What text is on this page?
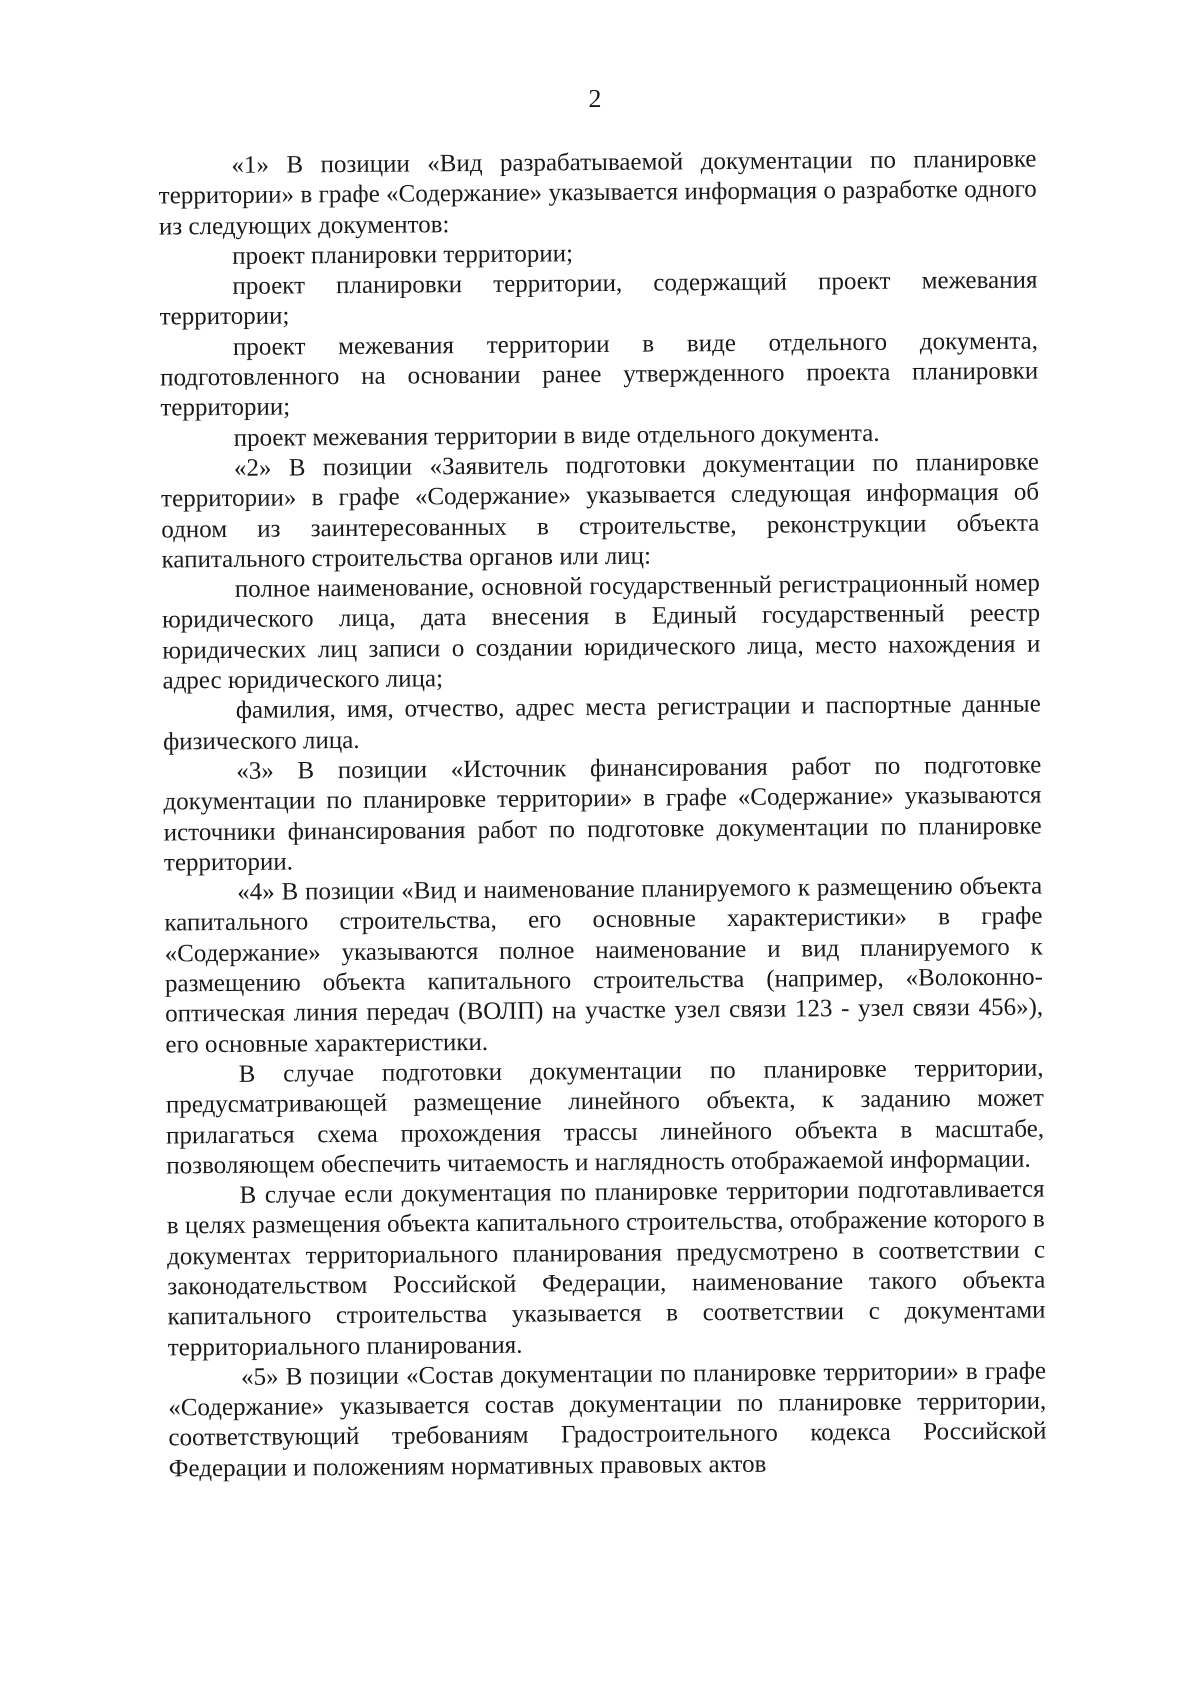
2

«1» В позиции «Вид разрабатываемой документации по планировке территории» в графе «Содержание» указывается информация о разработке одного из следующих документов:

проект планировки территории;

проект планировки территории, содержащий проект межевания территории;

проект межевания территории в виде отдельного документа, подготовленного на основании ранее утвержденного проекта планировки территории;

проект межевания территории в виде отдельного документа.

«2» В позиции «Заявитель подготовки документации по планировке территории» в графе «Содержание» указывается следующая информация об одном из заинтересованных в строительстве, реконструкции объекта капитального строительства органов или лиц:

полное наименование, основной государственный регистрационный номер юридического лица, дата внесения в Единый государственный реестр юридических лиц записи о создании юридического лица, место нахождения и адрес юридического лица;

фамилия, имя, отчество, адрес места регистрации и паспортные данные физического лица.

«3» В позиции «Источник финансирования работ по подготовке документации по планировке территории» в графе «Содержание» указываются источники финансирования работ по подготовке документации по планировке территории.

«4» В позиции «Вид и наименование планируемого к размещению объекта капитального строительства, его основные характеристики» в графе «Содержание» указываются полное наименование и вид планируемого к размещению объекта капитального строительства (например, «Волоконно-оптическая линия передач (ВОЛП) на участке узел связи 123 - узел связи 456»), его основные характеристики.

В случае подготовки документации по планировке территории, предусматривающей размещение линейного объекта, к заданию может прилагаться схема прохождения трассы линейного объекта в масштабе, позволяющем обеспечить читаемость и наглядность отображаемой информации.

В случае если документация по планировке территории подготавливается в целях размещения объекта капитального строительства, отображение которого в документах территориального планирования предусмотрено в соответствии с законодательством Российской Федерации, наименование такого объекта капитального строительства указывается в соответствии с документами территориального планирования.

«5» В позиции «Состав документации по планировке территории» в графе «Содержание» указывается состав документации по планировке территории, соответствующий требованиям Градостроительного кодекса Российской Федерации и положениям нормативных правовых актов
